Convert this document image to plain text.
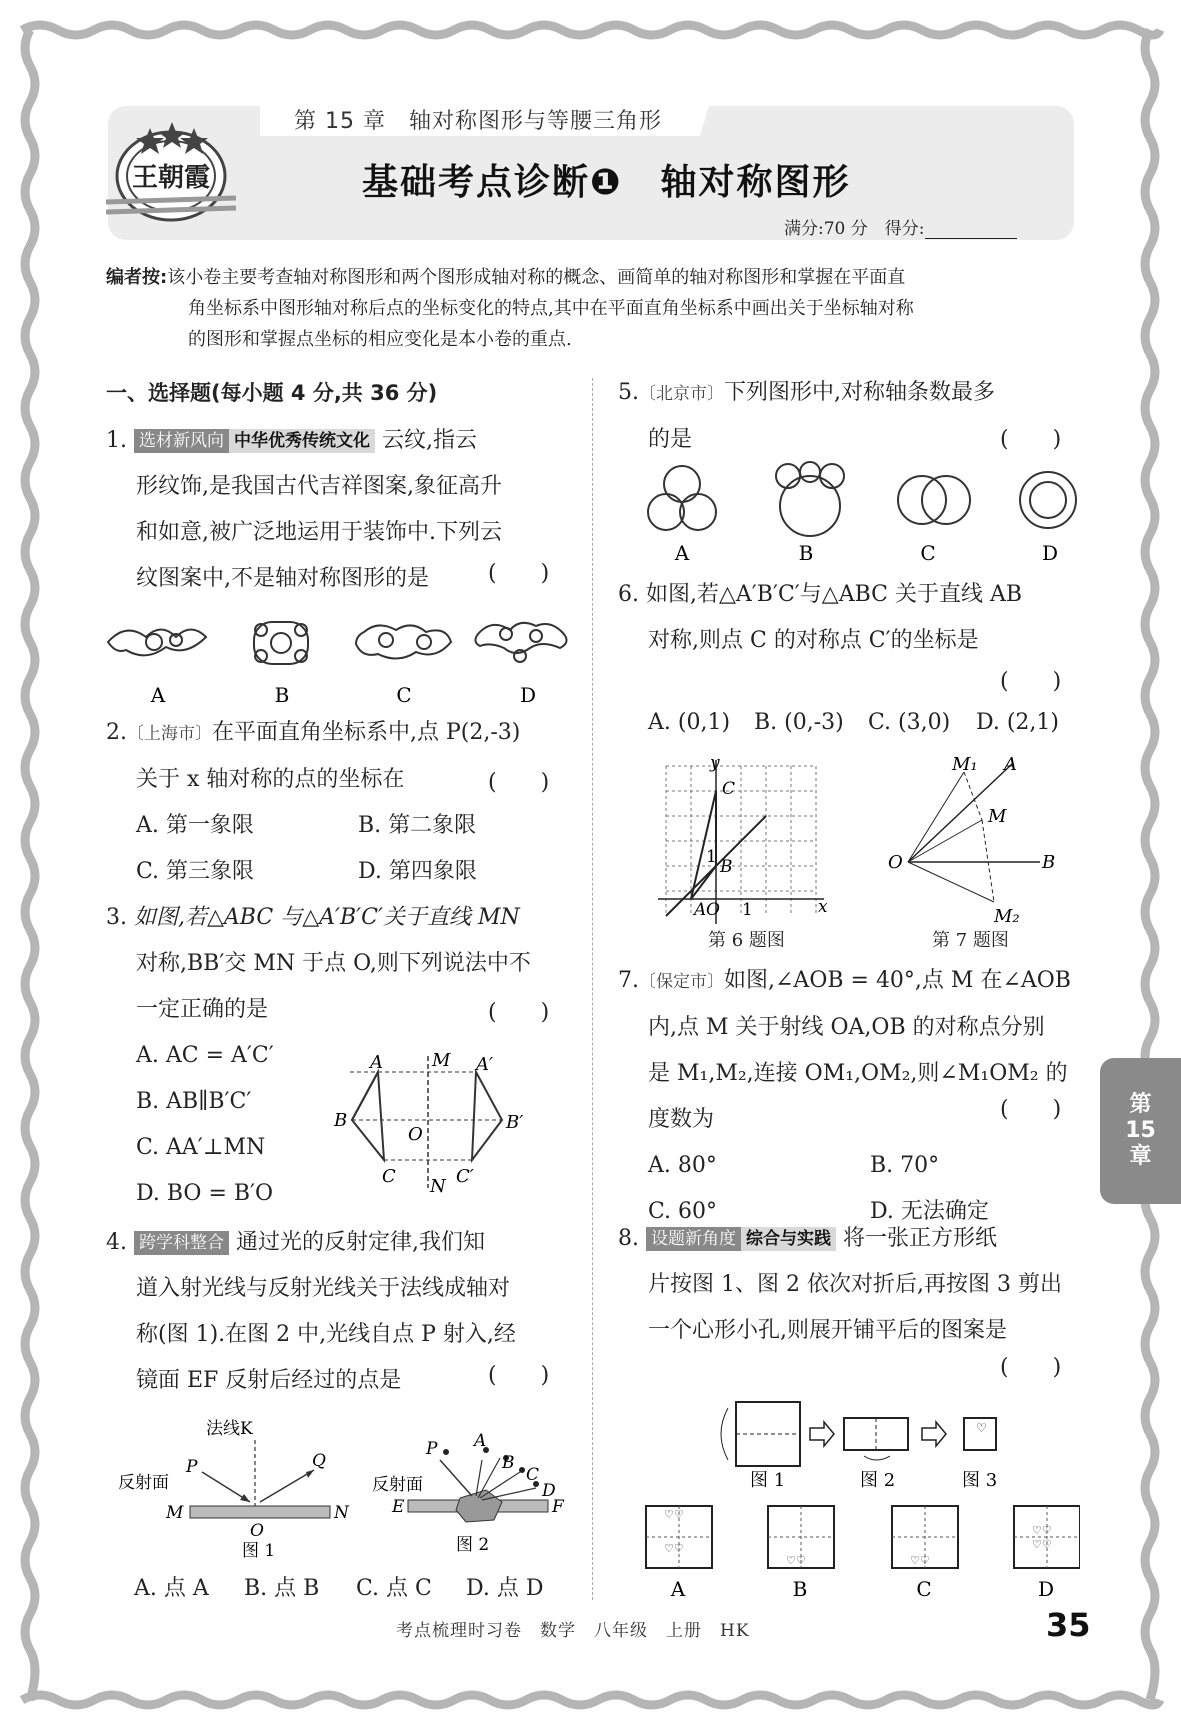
第 15 章　轴对称图形与等腰三角形
基础考点诊断❶　轴对称图形
满分:70 分　得分:
王朝霞
编者按:该小卷主要考查轴对称图形和两个图形成轴对称的概念、画简单的轴对称图形和掌握在平面直
角坐标系中图形轴对称后点的坐标变化的特点,其中在平面直角坐标系中画出关于坐标轴对称
的图形和掌握点坐标的相应变化是本小卷的重点.
一、选择题(每小题 4 分,共 36 分)
1. 选材新风向 中华优秀传统文化 云纹,指云
形纹饰,是我国古代吉祥图案,象征高升
和如意,被广泛地运用于装饰中.下列云
纹图案中,不是轴对称图形的是	(　　)
A	B	C	D
2.〔上海市〕在平面直角坐标系中,点 P(2,-3)
关于 x 轴对称的点的坐标在
A. 第一象限	B. 第二象限
C. 第三象限	D. 第四象限
(　　)
3. 如图,若△ABC 与△A′B′C′关于直线 MN
对称,BB′交 MN 于点 O,则下列说法中不
一定正确的是
A. AC = A′C′
B. AB∥B′C′
C. AA′⊥MN
D. BO = B′O
(　　)
A	M A′
B
O
B′
C N C′
4. 跨学科整合 通过光的反射定律,我们知
道入射光线与反射光线关于法线成轴对
称(图 1).在图 2 中,光线自点 P 射入,经
镜面 EF 反射后经过的点是	(　　)
法线K
反射面
P	Q
M	N
O
图 1
P A
B
C
D
反射面
E	F
图 2
A. 点 A B. 点 B C. 点 C D. 点 D
5.〔北京市〕下列图形中,对称轴条数最多
的是	(　　)
A	B	C	D
6. 如图,若△A′B′C′与△ABC 关于直线 AB
对称,则点 C 的对称点 C′的坐标是
(　　)
A. (0,1) B. (0,-3) C. (3,0) D. (2,1)
y
x
C
B
A O
1
1
第 6 题图
M₁ A
M
O	B
M₂
第 7 题图
7.〔保定市〕如图,∠AOB = 40°,点 M 在∠AOB
内,点 M 关于射线 OA,OB 的对称点分别
是 M₁,M₂,连接 OM₁,OM₂,则∠M₁OM₂ 的
度数为
A. 80°	B. 70°
C. 60°	D. 无法确定
(　　)
8. 设题新角度 综合与实践 将一张正方形纸
片按图 1、图 2 依次对折后,再按图 3 剪出
一个心形小孔,则展开铺平后的图案是
(　　)
♡
图 1	图 2	图 3
♡♡
♡♡
♡♡	♡♡
♡♡
♡♡
A	B	C	D
第
15
章
考点梳理时习卷　数学　八年级　上册　HK	35
